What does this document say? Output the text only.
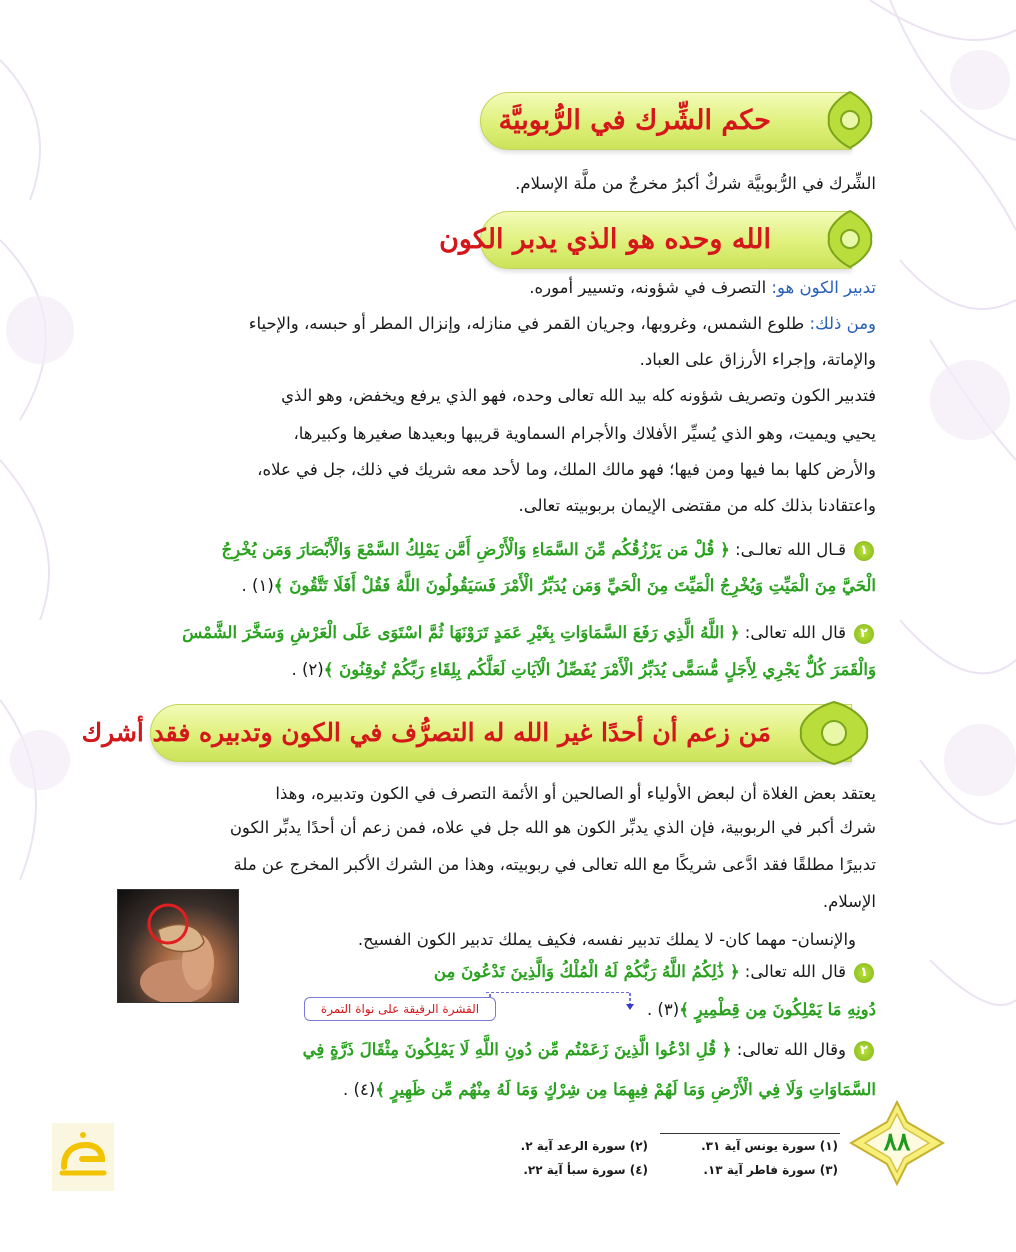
حكم الشِّرك في الرُّبوبيَّة
الشِّرك في الرُّبوبيَّة شركٌ أكبرُ مخرجٌ من ملَّة الإسلام.
الله وحده هو الذي يدبر الكون
تدبير الكون هو: التصرف في شؤونه، وتسيير أموره.
ومن ذلك: طلوع الشمس، وغروبها، وجريان القمر في منازله، وإنزال المطر أو حبسه، والإحياء
والإماتة، وإجراء الأرزاق على العباد.
فتدبير الكون وتصريف شؤونه كله بيد الله تعالى وحده، فهو الذي يرفع ويخفض، وهو الذي
يحيي ويميت، وهو الذي يُسيِّر الأفلاك والأجرام السماوية قريبها وبعيدها صغيرها وكبيرها،
والأرض كلها بما فيها ومن فيها؛ فهو مالك الملك، وما لأحد معه شريك في ذلك، جل في علاه،
واعتقادنا بذلك كله من مقتضى الإيمان بربوبيته تعالى.
١قـال الله تعالـى: ﴿ قُلْ مَن يَرْزُقُكُم مِّنَ السَّمَاءِ وَالْأَرْضِ أَمَّن يَمْلِكُ السَّمْعَ وَالْأَبْصَارَ وَمَن يُخْرِجُ
الْحَيَّ مِنَ الْمَيِّتِ وَيُخْرِجُ الْمَيِّتَ مِنَ الْحَيِّ وَمَن يُدَبِّرُ الْأَمْرَ فَسَيَقُولُونَ اللَّهُ فَقُلْ أَفَلَا تَتَّقُونَ ﴾(١) .
٢قال الله تعالى: ﴿ اللَّهُ الَّذِي رَفَعَ السَّمَاوَاتِ بِغَيْرِ عَمَدٍ تَرَوْنَهَا ثُمَّ اسْتَوَى عَلَى الْعَرْشِ وَسَخَّرَ الشَّمْسَ
وَالْقَمَرَ كُلٌّ يَجْرِي لِأَجَلٍ مُّسَمًّى يُدَبِّرُ الْأَمْرَ يُفَصِّلُ الْآيَاتِ لَعَلَّكُم بِلِقَاءِ رَبِّكُمْ تُوقِنُونَ ﴾(٢) .
مَن زعم أن أحدًا غير الله له التصرُّف في الكون وتدبيره فقد أشرك
يعتقد بعض الغلاة أن لبعض الأولياء أو الصالحين أو الأئمة التصرف في الكون وتدبيره، وهذا
شرك أكبر في الربوبية، فإن الذي يدبِّر الكون هو الله جل في علاه، فمن زعم أن أحدًا يدبِّر الكون
تدبيرًا مطلقًا فقد ادَّعى شريكًا مع الله تعالى في ربوبيته، وهذا من الشرك الأكبر المخرج عن ملة
الإسلام.
والإنسان- مهما كان- لا يملك تدبير نفسه، فكيف يملك تدبير الكون الفسيح.
١قال الله تعالى: ﴿ ذَٰلِكُمُ اللَّهُ رَبُّكُمْ لَهُ الْمُلْكُ وَالَّذِينَ تَدْعُونَ مِن
دُونِهِ مَا يَمْلِكُونَ مِن قِطْمِيرٍ ﴾(٣) .
٢وقال الله تعالى: ﴿ قُلِ ادْعُوا الَّذِينَ زَعَمْتُم مِّن دُونِ اللَّهِ لَا يَمْلِكُونَ مِثْقَالَ ذَرَّةٍ فِي
السَّمَاوَاتِ وَلَا فِي الْأَرْضِ وَمَا لَهُمْ فِيهِمَا مِن شِرْكٍ وَمَا لَهُ مِنْهُم مِّن ظَهِيرٍ ﴾(٤) .
(١) سورة يونس آية ٣١.
(٢) سورة الرعد آية ٢.
(٣) سورة فاطر آية ١٣.
(٤) سورة سبأ آية ٢٢.
القشرة الرقيقة على نواة التمرة
٨٨
